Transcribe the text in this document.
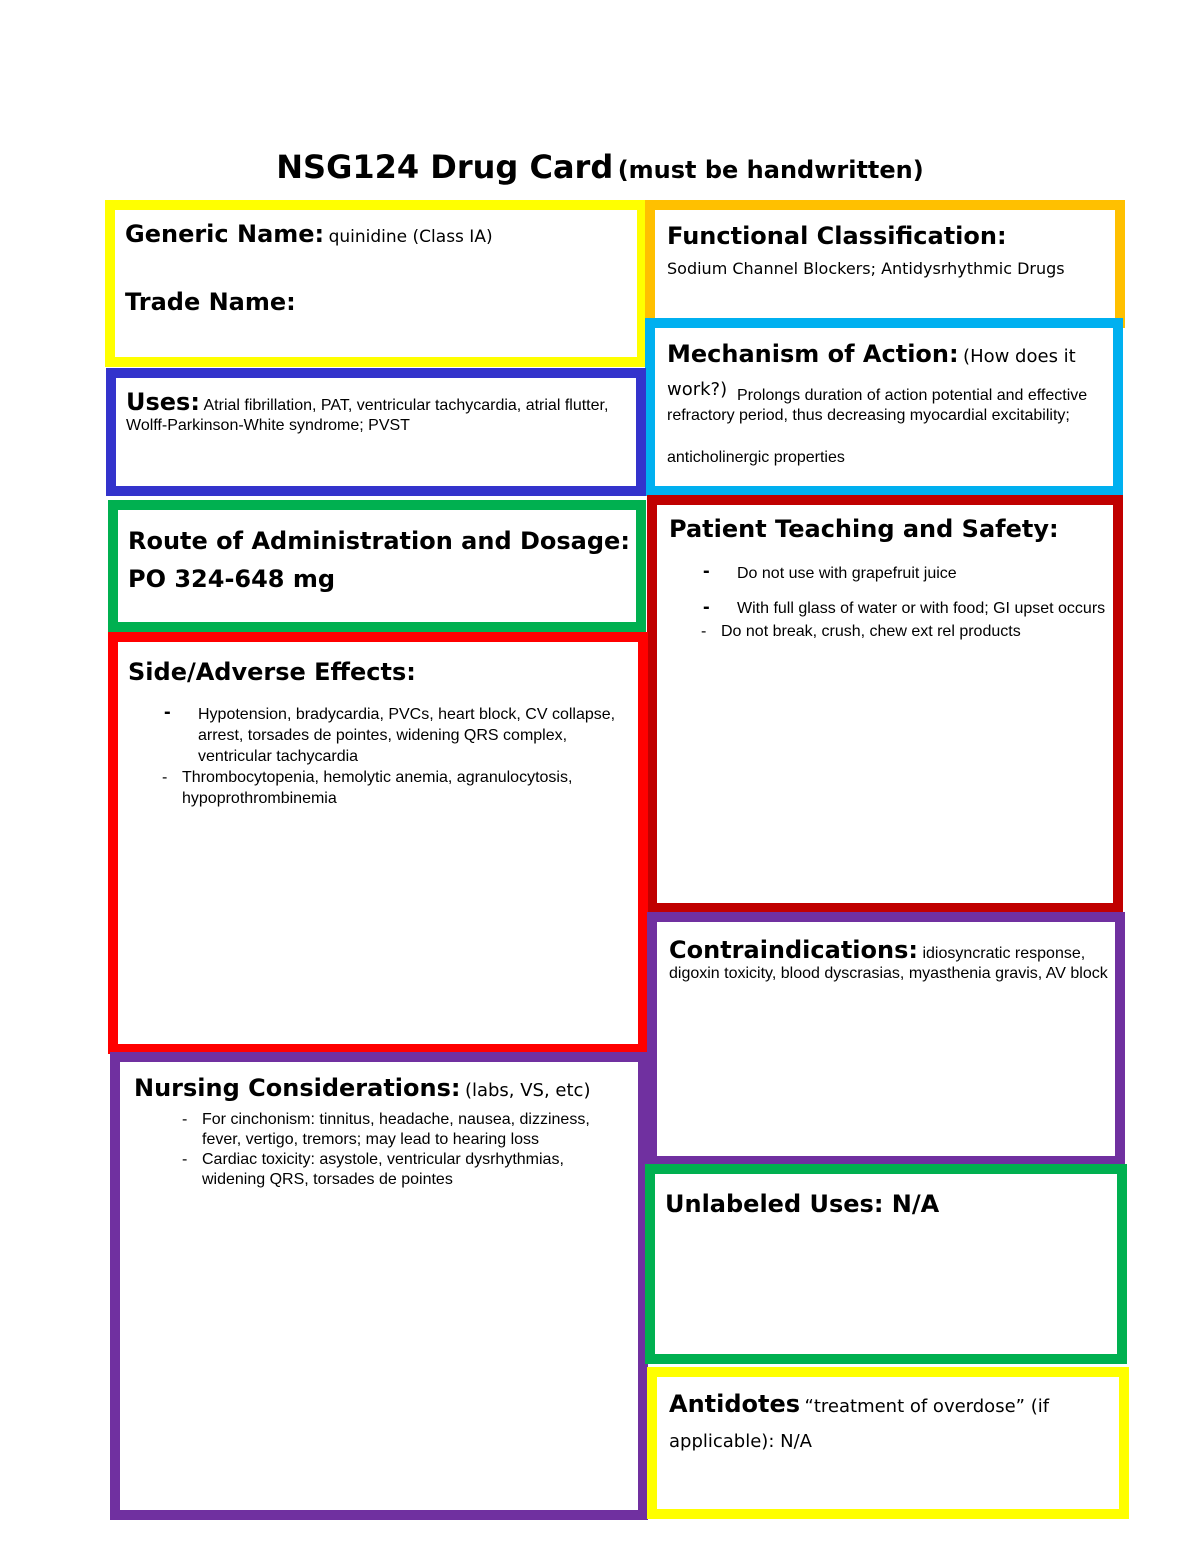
NSG124 Drug Card (must be handwritten)
Generic Name: quinidine (Class IA)
Trade Name:
Functional Classification:
Sodium Channel Blockers; Antidysrhythmic Drugs
Mechanism of Action: (How does it work?) Prolongs duration of action potential and effective refractory period, thus decreasing myocardial excitability;
anticholinergic properties
Uses: Atrial fibrillation, PAT, ventricular tachycardia, atrial flutter, Wolff-Parkinson-White syndrome; PVST
Route of Administration and Dosage:
PO 324-648 mg
Patient Teaching and Safety:
- Do not use with grapefruit juice
- With full glass of water or with food; GI upset occurs
- Do not break, crush, chew ext rel products
Side/Adverse Effects:
- Hypotension, bradycardia, PVCs, heart block, CV collapse, arrest, torsades de pointes, widening QRS complex, ventricular tachycardia
- Thrombocytopenia, hemolytic anemia, agranulocytosis, hypoprothrombinemia
Contraindications: idiosyncratic response, digoxin toxicity, blood dyscrasias, myasthenia gravis, AV block
Nursing Considerations: (labs, VS, etc)
- For cinchonism: tinnitus, headache, nausea, dizziness, fever, vertigo, tremors; may lead to hearing loss
- Cardiac toxicity: asystole, ventricular dysrhythmias, widening QRS, torsades de pointes
Unlabeled Uses: N/A
Antidotes “treatment of overdose” (if applicable): N/A
